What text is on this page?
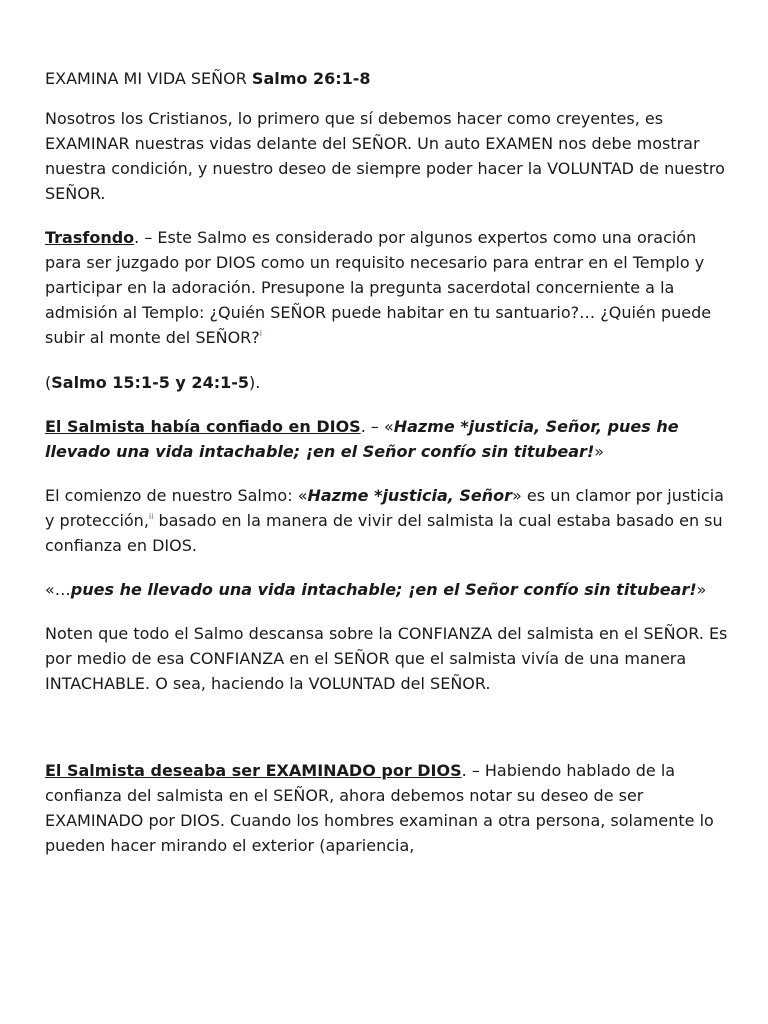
EXAMINA MI VIDA SEÑOR Salmo 26:1-8

Nosotros los Cristianos, lo primero que sí debemos hacer como creyentes, es EXAMINAR nuestras vidas delante del SEÑOR. Un auto EXAMEN nos debe mostrar nuestra condición, y nuestro deseo de siempre poder hacer la VOLUNTAD de nuestro SEÑOR.

Trasfondo. – Este Salmo es considerado por algunos expertos como una oración para ser juzgado por DIOS como un requisito necesario para entrar en el Templo y participar en la adoración. Presupone la pregunta sacerdotal concerniente a la admisión al Templo: ¿Quién SEÑOR puede habitar en tu santuario?… ¿Quién puede subir al monte del SEÑOR?$^i$

(Salmo 15:1-5 y 24:1-5).

El Salmista había confiado en DIOS. – «Hazme *justicia, Señor, pues he llevado una vida intachable; ¡en el Señor confío sin titubear!»

El comienzo de nuestro Salmo: «Hazme *justicia, Señor» es un clamor por justicia y protección,$^{ii}$ basado en la manera de vivir del salmista la cual estaba basado en su confianza en DIOS.

«…pues he llevado una vida intachable; ¡en el Señor confío sin titubear!»

Noten que todo el Salmo descansa sobre la CONFIANZA del salmista en el SEÑOR. Es por medio de esa CONFIANZA en el SEÑOR que el salmista vivía de una manera INTACHABLE. O sea, haciendo la VOLUNTAD del SEÑOR.

El Salmista deseaba ser EXAMINADO por DIOS. – Habiendo hablado de la confianza del salmista en el SEÑOR, ahora debemos notar su deseo de ser EXAMINADO por DIOS. Cuando los hombres examinan a otra persona, solamente lo pueden hacer mirando el exterior (apariencia,
